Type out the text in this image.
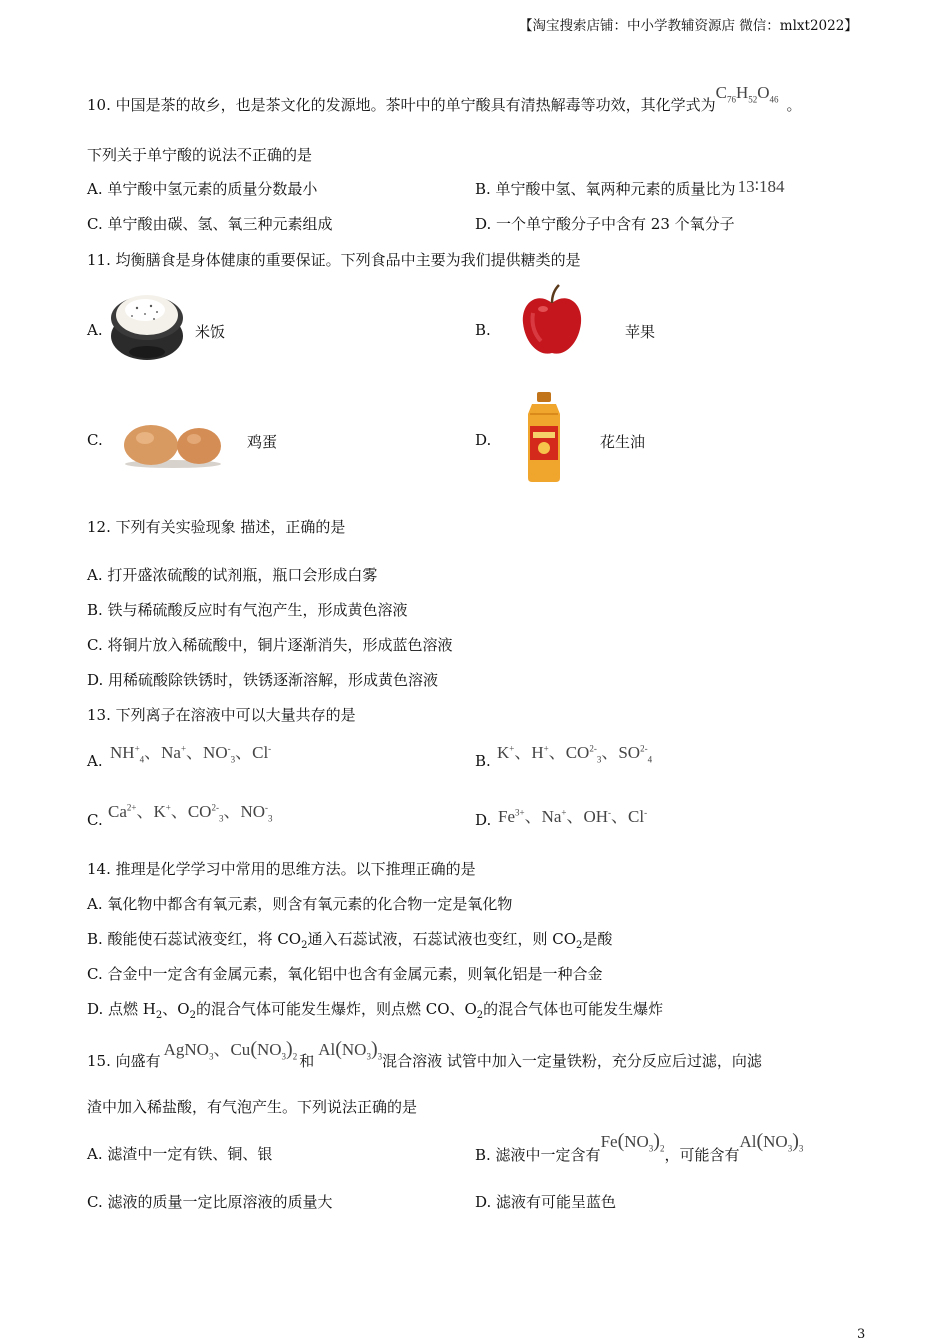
【淘宝搜索店铺：中小学教辅资源店 微信：mlxt2022】
10. 中国是茶的故乡，也是茶文化的发源地。茶叶中的单宁酸具有清热解毒等功效，其化学式为$C_{76}H_{52}O_{46}$ 。
下列关于单宁酸的说法不正确的是
A. 单宁酸中氢元素的质量分数最小	B. 单宁酸中氢、氧两种元素的质量比为 13∶184
C. 单宁酸由碳、氢、氧三种元素组成	D. 一个单宁酸分子中含有 23 个氧分子
11. 均衡膳食是身体健康的重要保证。下列食品中主要为我们提供糖类的是
A.	米饭	B.	苹果
C.	鸡蛋	D.	花生油
12. 下列有关实验现象 描述，正确的是
A. 打开盛浓硫酸的试剂瓶，瓶口会形成白雾
B. 铁与稀硫酸反应时有气泡产生，形成黄色溶液
C. 将铜片放入稀硫酸中，铜片逐渐消失，形成蓝色溶液
D. 用稀硫酸除铁锈时，铁锈逐渐溶解，形成黄色溶液
13. 下列离子在溶液中可以大量共存的是
A. $NH^+_4$、Na+、$NO^-_3$、Cl-
B. K+、H+、$CO^{2-}_3$、$SO^{2-}_4$
C. $Ca^{2+}$、K+、$CO^{2-}_3$、$NO^-_3$	D. $Fe^{3+}$、Na+、OH-、Cl-
14. 推理是化学学习中常用的思维方法。以下推理正确的是
A. 氧化物中都含有氧元素，则含有氧元素的化合物一定是氧化物
B. 酸能使石蕊试液变红，将 $CO_2$通入石蕊试液，石蕊试液也变红，则 $CO_2$是酸
C. 合金中一定含有金属元素，氧化铝中也含有金属元素，则氧化铝是一种合金
D. 点燃 $H_2$、$O_2$的混合气体可能发生爆炸，则点燃 CO、$O_2$的混合气体也可能发生爆炸
15. 向盛有AgNO$_3$、$Cu(NO_3)_2$ 和$Al(NO_3)_3$混合溶液 试管中加入一定量铁粉，充分反应后过滤，向滤
渣中加入稀盐酸，有气泡产生。下列说法正确的是
A. 滤渣中一定有铁、铜、银	B. 滤液中一定含有$Fe(NO_3)_2$，可能含有$Al(NO_3)_3$
C. 滤液的质量一定比原溶液的质量大	D. 滤液有可能呈蓝色
3
